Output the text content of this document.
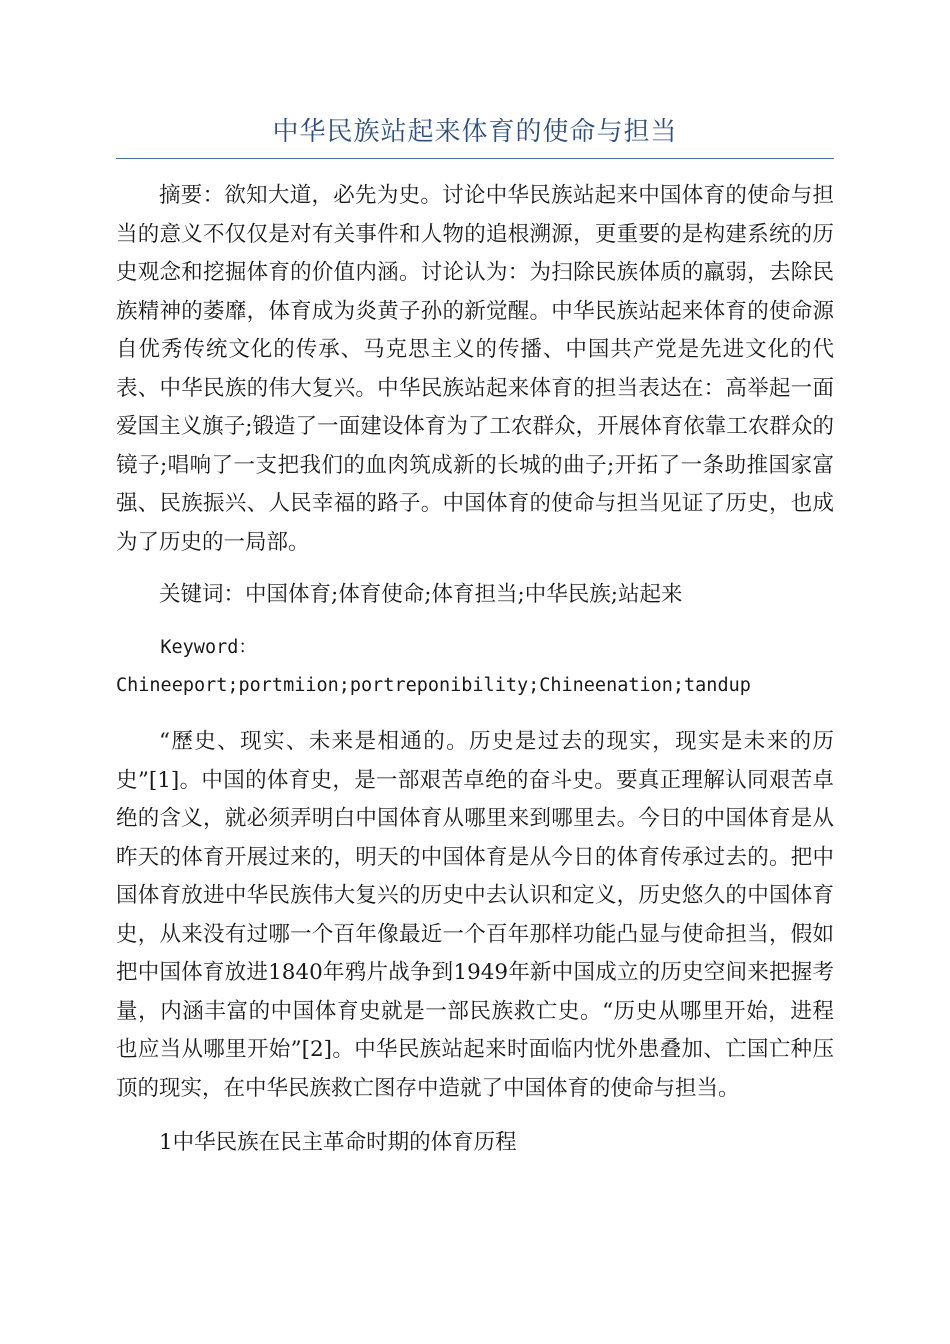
中华民族站起来体育的使命与担当

摘要：欲知大道，必先为史。讨论中华民族站起来中国体育的使命与担当的意义不仅仅是对有关事件和人物的追根溯源，更重要的是构建系统的历史观念和挖掘体育的价值内涵。讨论认为：为扫除民族体质的羸弱，去除民族精神的萎靡，体育成为炎黄子孙的新觉醒。中华民族站起来体育的使命源自优秀传统文化的传承、马克思主义的传播、中国共产党是先进文化的代表、中华民族的伟大复兴。中华民族站起来体育的担当表达在：高举起一面爱国主义旗子;锻造了一面建设体育为了工农群众，开展体育依靠工农群众的镜子;唱响了一支把我们的血肉筑成新的长城的曲子;开拓了一条助推国家富强、民族振兴、人民幸福的路子。中国体育的使命与担当见证了历史，也成为了历史的一局部。

关键词：中国体育;体育使命;体育担当;中华民族;站起来

Keyword：
Chineeport;portmiion;portreponibility;Chineenation;tandup

“歷史、现实、未来是相通的。历史是过去的现实，现实是未来的历史”[1]。中国的体育史，是一部艰苦卓绝的奋斗史。要真正理解认同艰苦卓绝的含义，就必须弄明白中国体育从哪里来到哪里去。今日的中国体育是从昨天的体育开展过来的，明天的中国体育是从今日的体育传承过去的。把中国体育放进中华民族伟大复兴的历史中去认识和定义，历史悠久的中国体育史，从来没有过哪一个百年像最近一个百年那样功能凸显与使命担当，假如把中国体育放进1840年鸦片战争到1949年新中国成立的历史空间来把握考量，内涵丰富的中国体育史就是一部民族救亡史。“历史从哪里开始，进程也应当从哪里开始”[2]。中华民族站起来时面临内忧外患叠加、亡国亡种压顶的现实，在中华民族救亡图存中造就了中国体育的使命与担当。

1中华民族在民主革命时期的体育历程
